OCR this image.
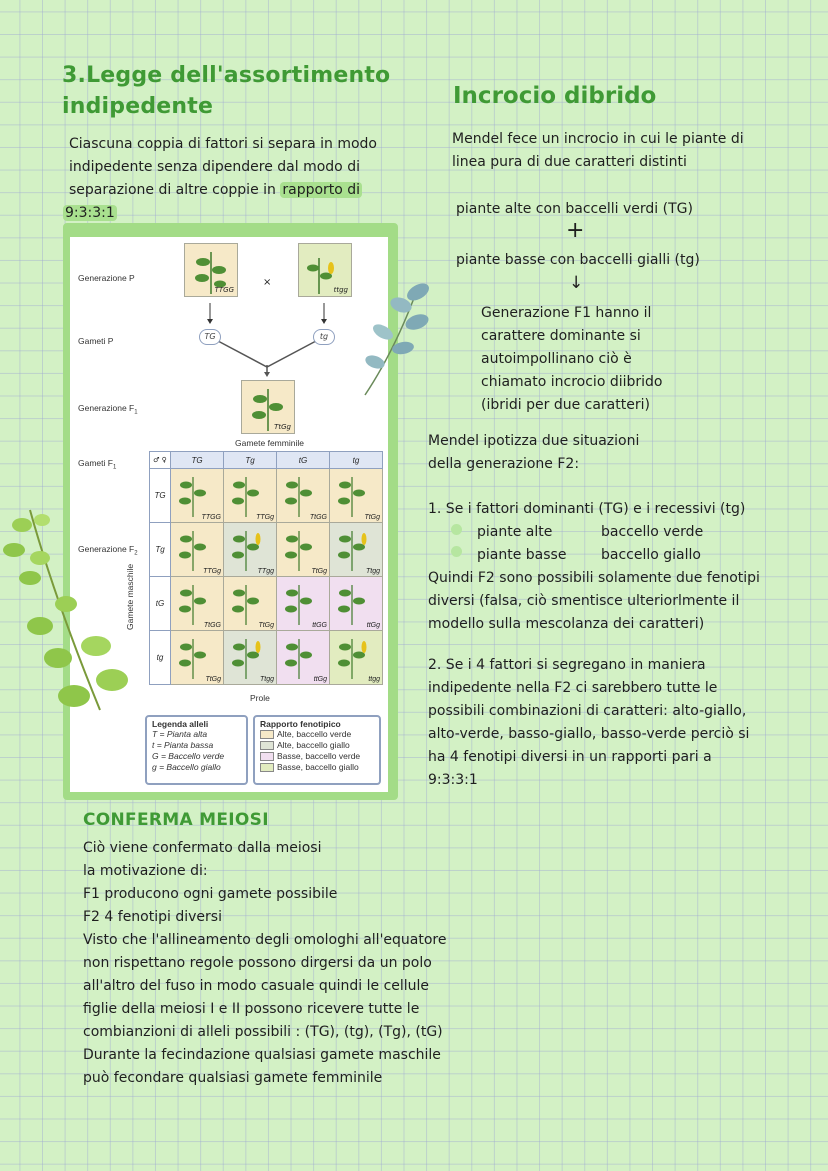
3.Legge dell'assortimento
indipedente
Ciascuna coppia di fattori si separa in modo
indipedente senza dipendere dal modo di
separazione di altre coppie in rapporto di
9:3:3:1
Generazione P
Gameti P
Generazione $F_1$
Gameti $F_1$
Generazione $F_2$
TTGG
×
ttgg
TG	tg
TtGg
Gamete femminile
♂ ♀	TG	Tg	tG	tg
TG	TTGG	TTGg	TtGG	TtGg

Tg	TTGg	TTgg	TtGg	Ttgg

tG	TtGG	TtGg	ttGG	ttGg

tg	TtGg	Ttgg	ttGg	ttgg
Gamete maschile
Prole
Legenda alleli
T = Pianta alta
t = Pianta bassa
G = Baccello verde
g = Baccello giallo
Rapporto fenotipico
Alte, baccello verde
Alte, baccello giallo
Basse, baccello verde
Basse, baccello giallo
Incrocio dibrido
Mendel fece un incrocio in cui le piante di
linea pura di due caratteri distinti
piante alte con baccelli verdi (TG)
+
piante basse con baccelli gialli (tg)
↓
Generazione F1 hanno il
carattere dominante si
autoimpollinano ciò è
chiamato incrocio diibrido
(ibridi per due caratteri)
Mendel ipotizza due situazioni
della generazione F2:
1. Se i fattori dominanti (TG) e i recessivi (tg)
piante alte	baccello verde
piante basse baccello giallo
Quindi F2 sono possibili solamente due fenotipi
diversi (falsa, ciò smentisce ulteriorlmente il
modello sulla mescolanza dei caratteri)
2. Se i 4 fattori si segregano in maniera
indipedente nella F2 ci sarebbero tutte le
possibili combinazioni di caratteri: alto-giallo,
alto-verde, basso-giallo, basso-verde perciò si
ha 4 fenotipi diversi in un rapporti pari a
9:3:3:1
CONFERMA MEIOSI
Ciò viene confermato dalla meiosi
la motivazione di:
F1 producono ogni gamete possibile
F2 4 fenotipi diversi
Visto che l'allineamento degli omologhi all'equatore
non rispettano regole possono dirgersi da un polo
all'altro del fuso in modo casuale quindi le cellule
figlie della meiosi I e II possono ricevere tutte le
combianzioni di alleli possibili : (TG), (tg), (Tg), (tG)
Durante la fecindazione qualsiasi gamete maschile
può fecondare qualsiasi gamete femminile
